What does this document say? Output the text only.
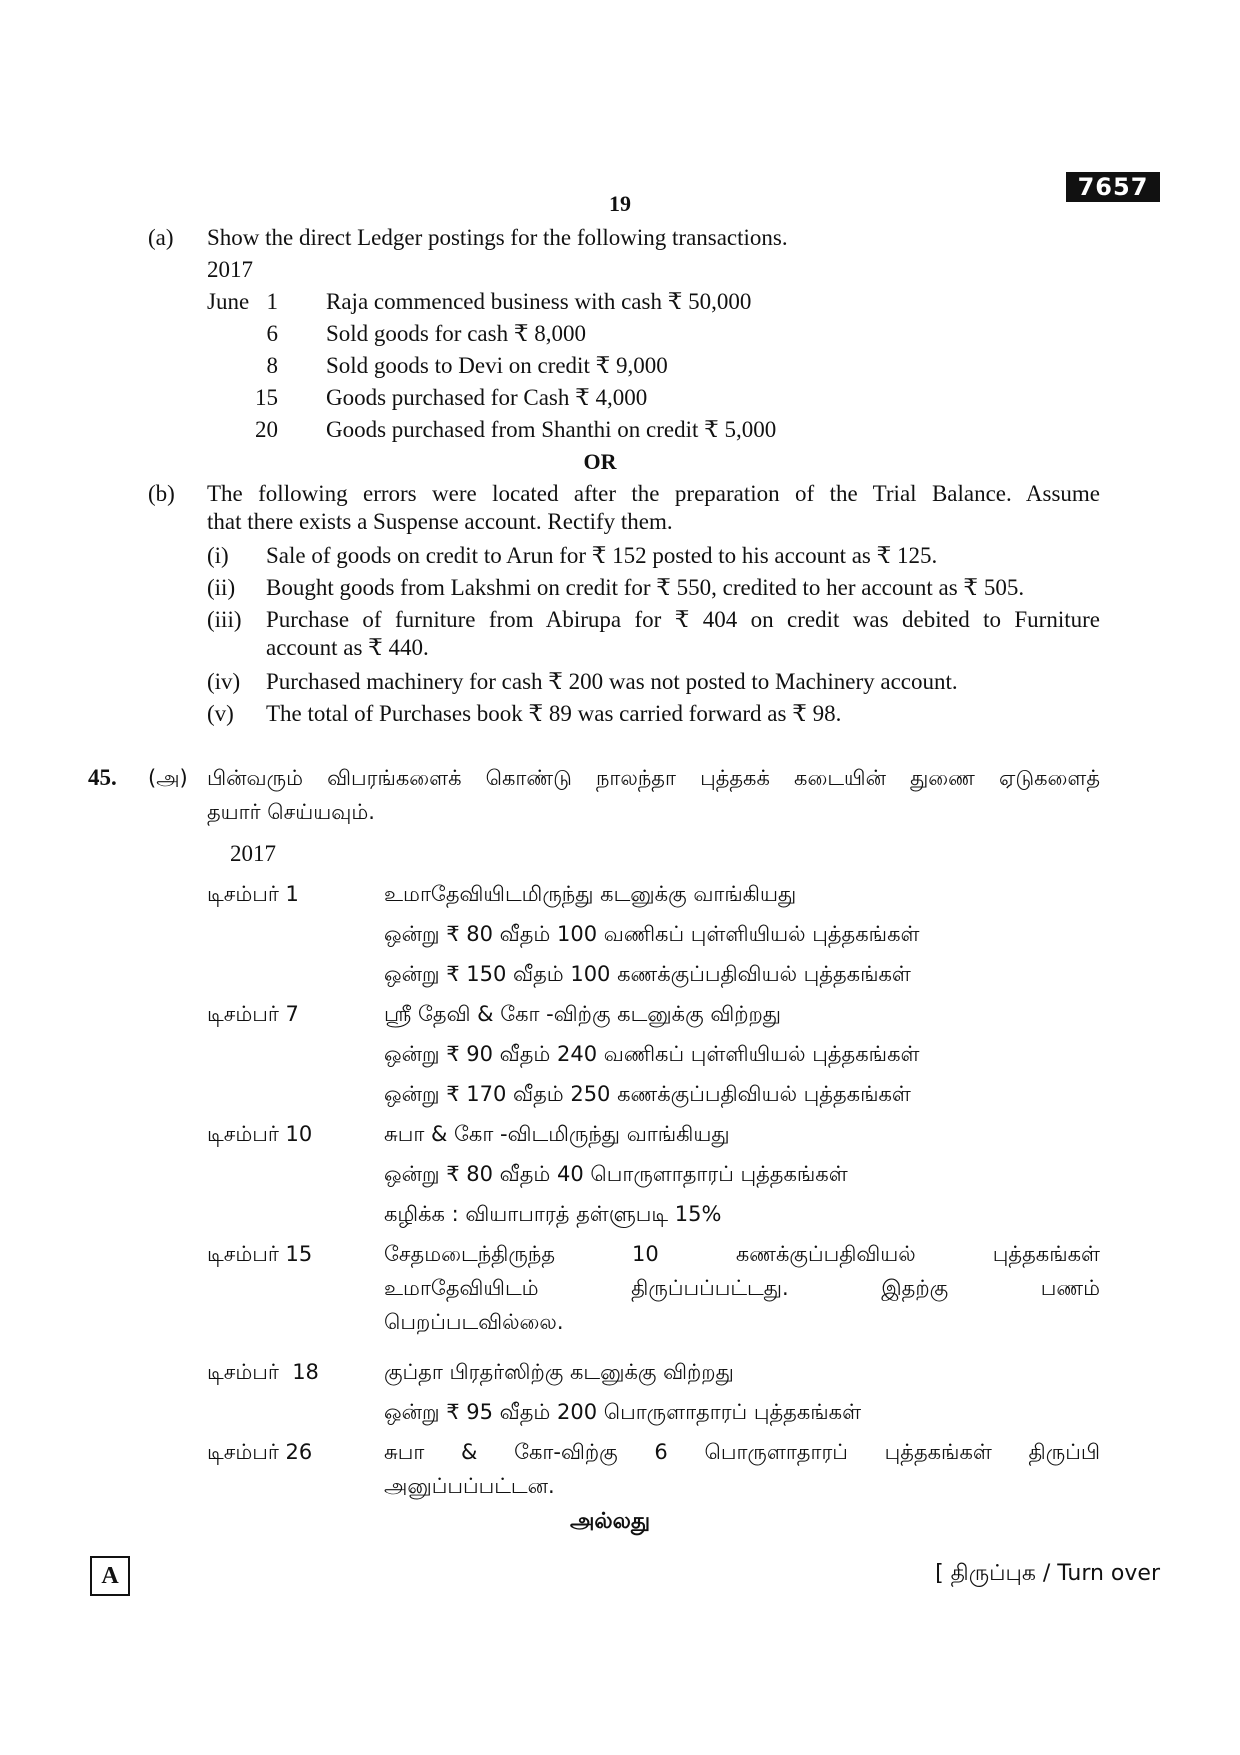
19
7657
(a) Show the direct Ledger postings for the following transactions.
2017
June 1 Raja commenced business with cash ₹ 50,000
6 Sold goods for cash ₹ 8,000
8 Sold goods to Devi on credit ₹ 9,000
15 Goods purchased for Cash ₹ 4,000
20 Goods purchased from Shanthi on credit ₹ 5,000
OR
(b) The following errors were located after the preparation of the Trial Balance. Assume
that there exists a Suspense account. Rectify them.
(i) Sale of goods on credit to Arun for ₹ 152 posted to his account as ₹ 125.
(ii) Bought goods from Lakshmi on credit for ₹ 550, credited to her account as ₹ 505.
(iii) Purchase of furniture from Abirupa for ₹ 404 on credit was debited to Furniture
account as ₹ 440.
(iv) Purchased machinery for cash ₹ 200 was not posted to Machinery account.
(v) The total of Purchases book ₹ 89 was carried forward as ₹ 98.
45. (அ) பின்வரும் விபரங்களைக் கொண்டு நாலந்தா புத்தகக் கடையின் துணை ஏடுகளைத்
தயார் செய்யவும்.
2017
டிசம்பர் 1	உமாதேவியிடமிருந்து கடனுக்கு வாங்கியது
ஒன்று ₹ 80 வீதம் 100 வணிகப் புள்ளியியல் புத்தகங்கள்
ஒன்று ₹ 150 வீதம் 100 கணக்குப்பதிவியல் புத்தகங்கள்
டிசம்பர் 7	ஸ்ரீ தேவி & கோ -விற்கு கடனுக்கு விற்றது
ஒன்று ₹ 90 வீதம் 240 வணிகப் புள்ளியியல் புத்தகங்கள்
ஒன்று ₹ 170 வீதம் 250 கணக்குப்பதிவியல் புத்தகங்கள்
டிசம்பர் 10	சுபா & கோ -விடமிருந்து வாங்கியது
ஒன்று ₹ 80 வீதம் 40 பொருளாதாரப் புத்தகங்கள்
கழிக்க : வியாபாரத் தள்ளுபடி 15%
டிசம்பர் 15	சேதமடைந்திருந்த 10 கணக்குப்பதிவியல் புத்தகங்கள்
உமாதேவியிடம் திருப்பப்பட்டது. இதற்கு பணம்
பெறப்படவில்லை.
டிசம்பர்  18	குப்தா பிரதர்ஸிற்கு கடனுக்கு விற்றது
ஒன்று ₹ 95 வீதம் 200 பொருளாதாரப் புத்தகங்கள்
டிசம்பர் 26	சுபா & கோ-விற்கு 6 பொருளாதாரப் புத்தகங்கள் திருப்பி
அனுப்பப்பட்டன.
அல்லது
A	[ திருப்புக / Turn over
